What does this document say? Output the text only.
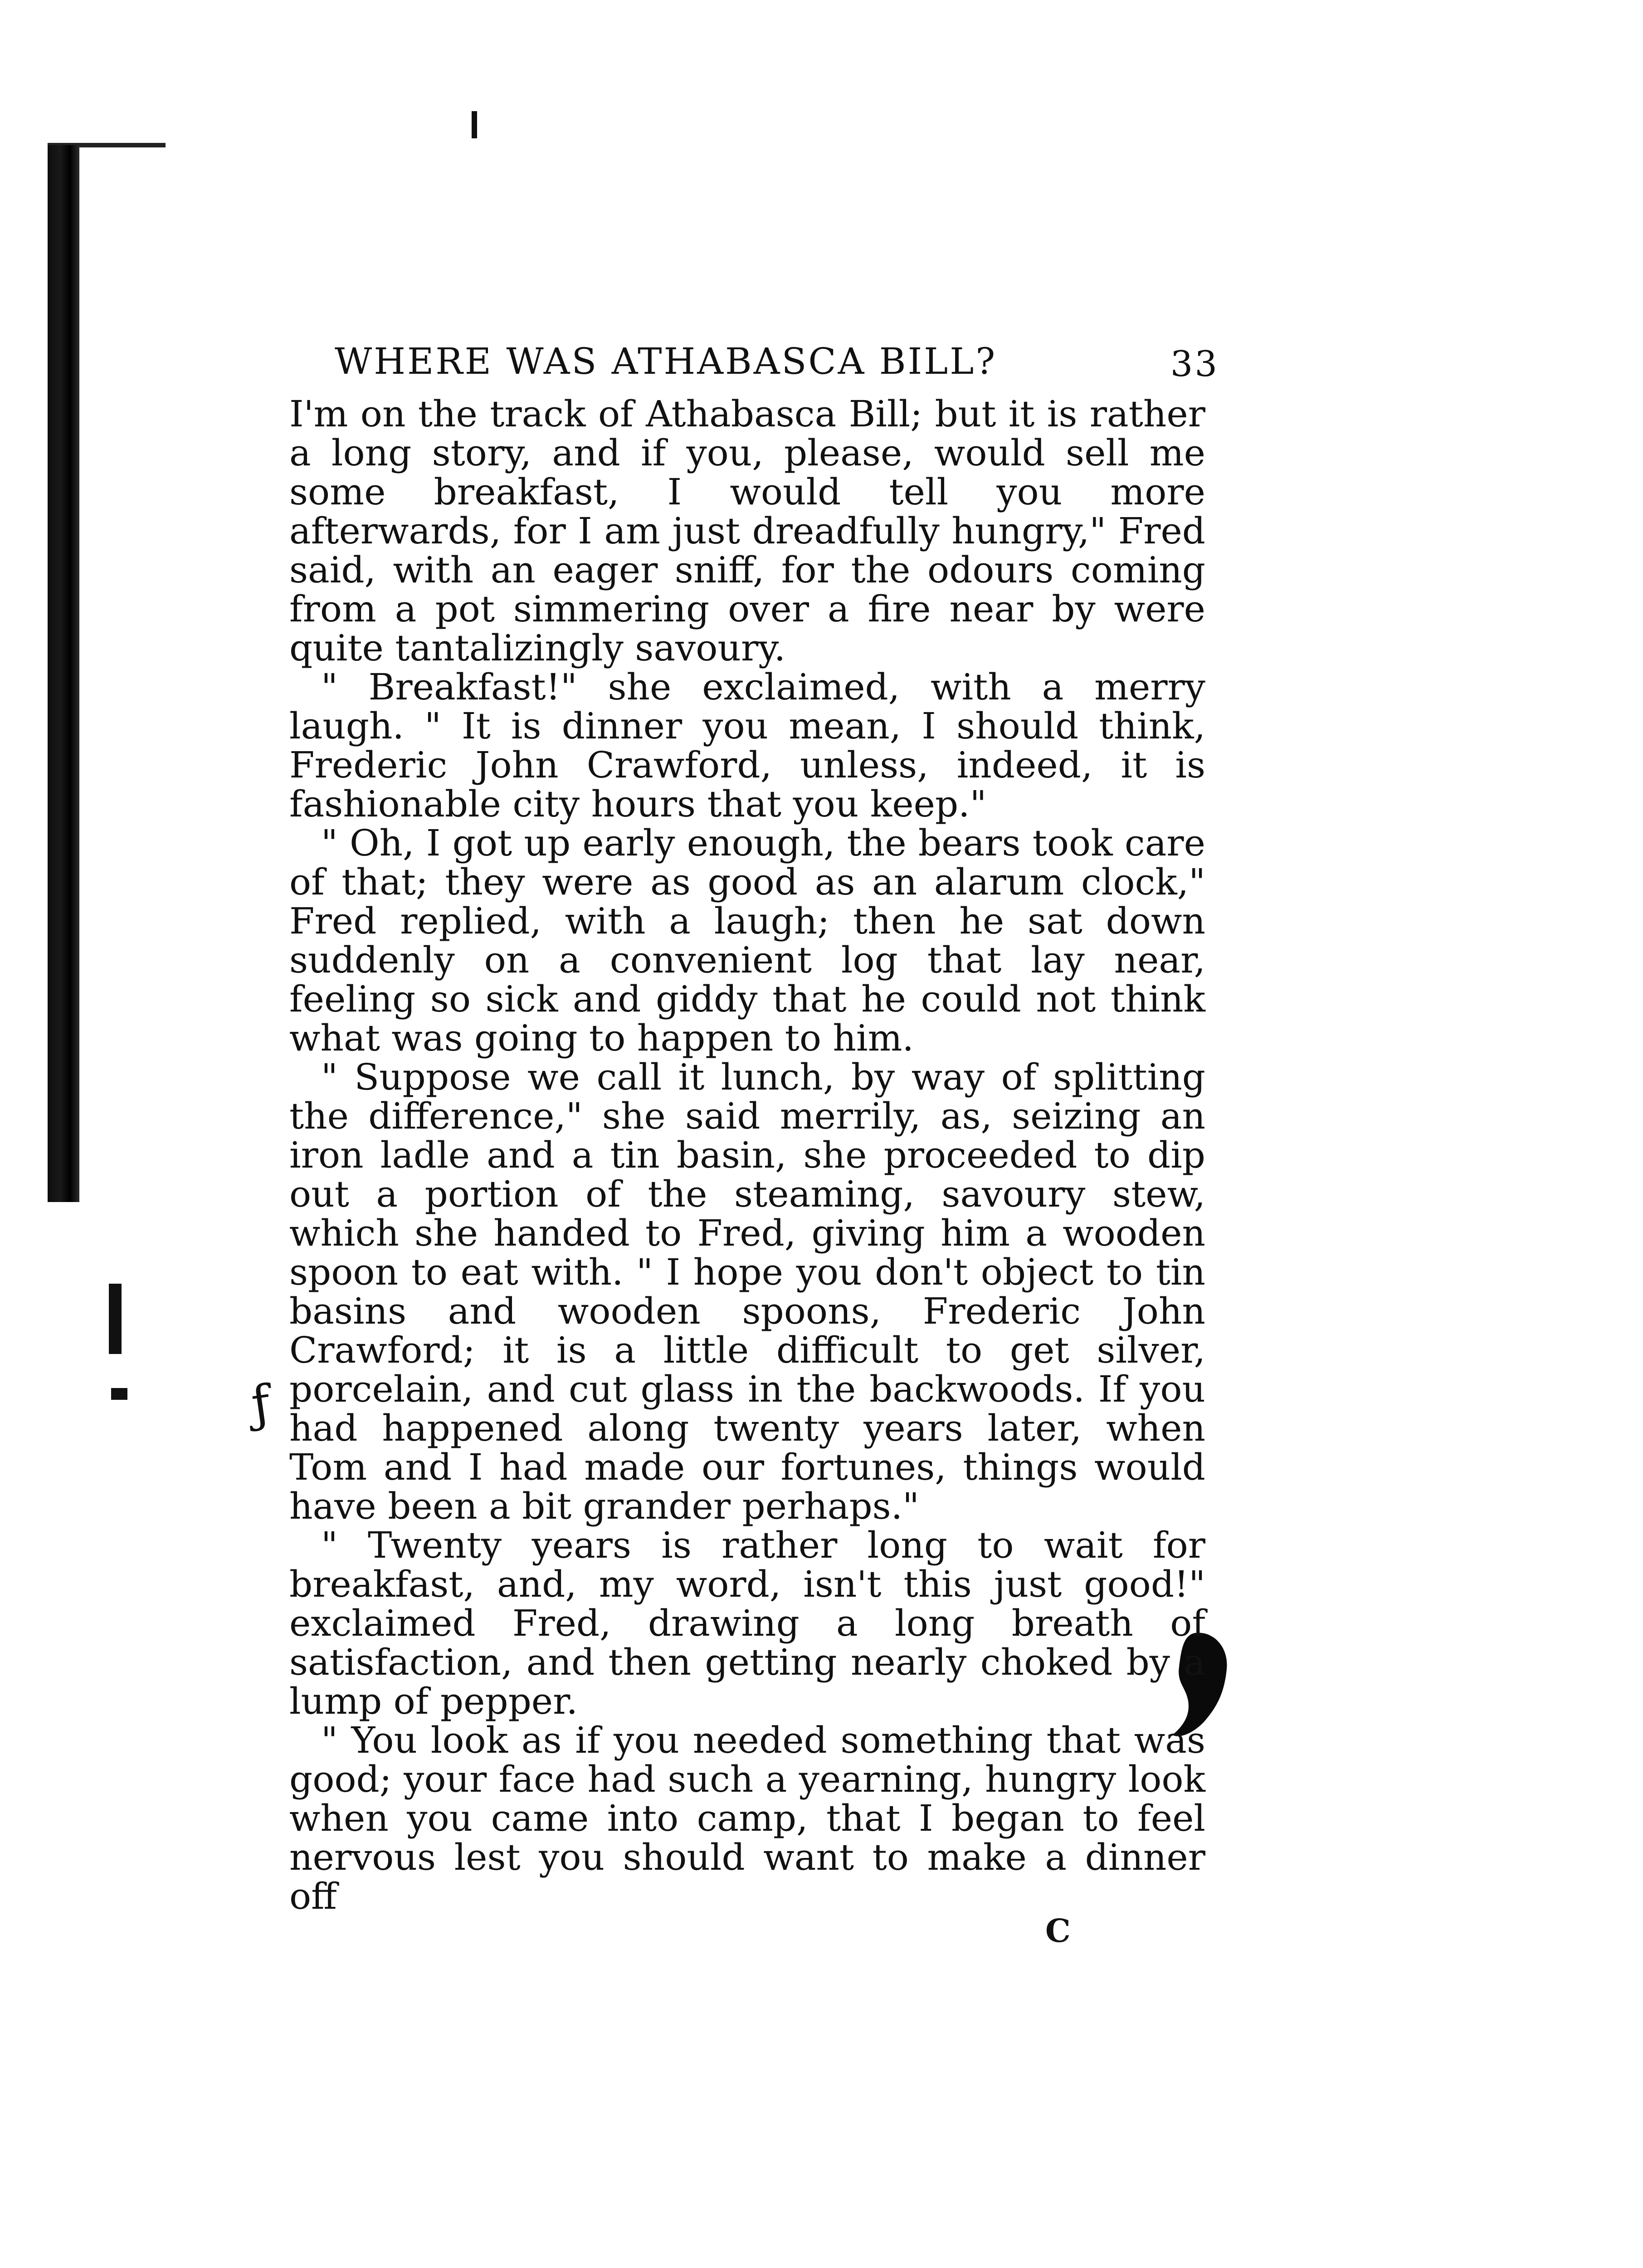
ƒ
WHERE WAS ATHABASCA BILL?	33

I'm on the track of Athabasca Bill; but it is rather a long story, and if you, please, would sell me some breakfast, I would tell you more afterwards, for I am just dreadfully hungry," Fred said, with an eager sniff, for the odours coming from a pot simmering over a fire near by were quite tantalizingly savoury.

" Breakfast!" she exclaimed, with a merry laugh. " It is dinner you mean, I should think, Frederic John Crawford, unless, indeed, it is fashionable city hours that you keep."

" Oh, I got up early enough, the bears took care of that; they were as good as an alarum clock," Fred replied, with a laugh; then he sat down suddenly on a convenient log that lay near, feeling so sick and giddy that he could not think what was going to happen to him.

" Suppose we call it lunch, by way of splitting the difference," she said merrily, as, seizing an iron ladle and a tin basin, she proceeded to dip out a portion of the steaming, savoury stew, which she handed to Fred, giving him a wooden spoon to eat with. " I hope you don't object to tin basins and wooden spoons, Frederic John Crawford; it is a little difficult to get silver, porcelain, and cut glass in the backwoods. If you had happened along twenty years later, when Tom and I had made our fortunes, things would have been a bit grander perhaps."

" Twenty years is rather long to wait for breakfast, and, my word, isn't this just good!" exclaimed Fred, drawing a long breath of satisfaction, and then getting nearly choked by a lump of pepper.

" You look as if you needed something that was good; your face had such a yearning, hungry look when you came into camp, that I began to feel nervous lest you should want to make a dinner off

C
